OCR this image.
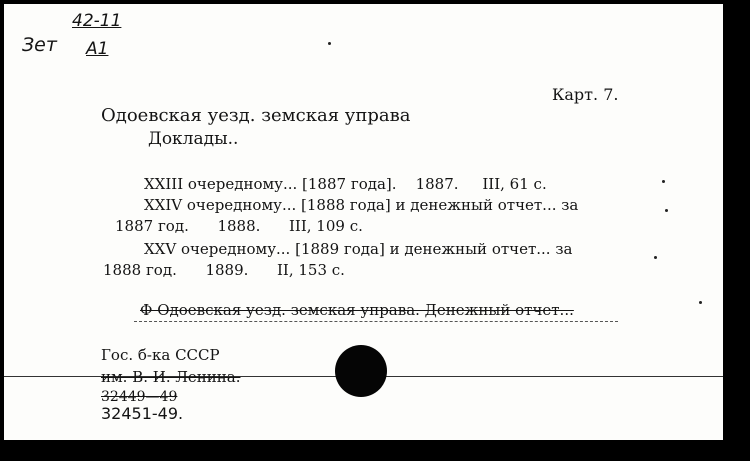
42-11
Зет А1
Карт. 7.
Одоевская уезд. земская управа
Доклады..
XXIII очередному... [1887 года].    1887.     III, 61 с.
XXIV очередному... [1888 года] и денежный отчет... за
1887 год.      1888.      III, 109 с.
XXV очередному... [1889 года] и денежный отчет... за
1888 год.      1889.      II, 153 с.
Ф Одоевская уезд. земская управа. Денежный отчет...
Гос. б-ка СССР
им. В. И. Ленина.
32449—49
32451-49.
